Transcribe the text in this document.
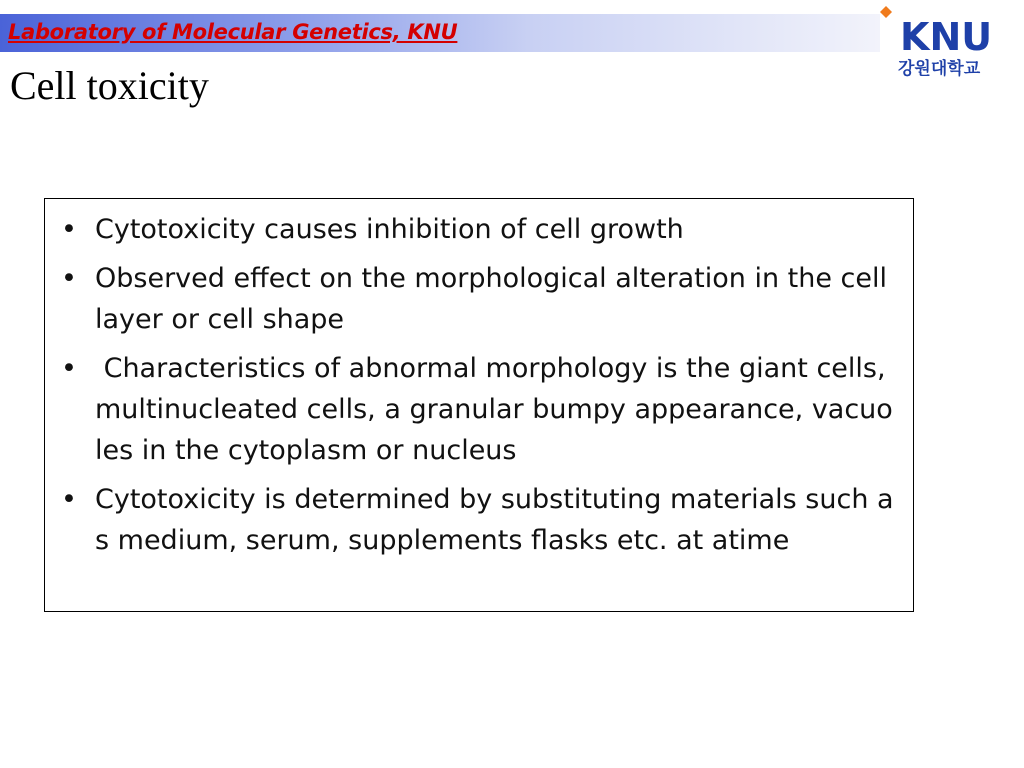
Laboratory of Molecular Genetics, KNU	KNU
강원대학교
Cell toxicity
• Cytotoxicity causes inhibition of cell growth
• Observed effect on the morphological alteration in the cell layer or cell shape
• Characteristics of abnormal morphology is the giant cells,  multinucleated cells, a granular bumpy appearance, vacuoles in the cytoplasm or nucleus
• Cytotoxicity is determined by substituting materials such as medium, serum, supplements flasks etc. at atime
